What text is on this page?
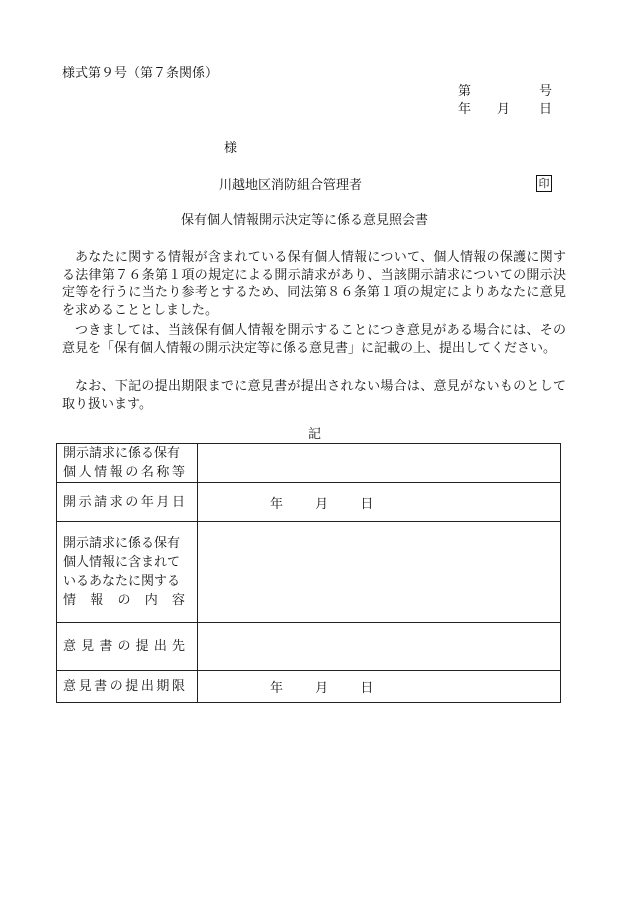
様式第９号（第７条関係）
第	号
年 月 日
様
川越地区消防組合管理者	印
保有個人情報開示決定等に係る意見照会書

あなたに関する情報が含まれている保有個人情報について、個人情報の保護に関する法律第７６条第１項の規定による開示請求があり、当該開示請求についての開示決定等を行うに当たり参考とするため、同法第８６条第１項の規定によりあなたに意見を求めることとしました。

つきましては、当該保有個人情報を開示することにつき意見がある場合には、その意見を「保有個人情報の開示決定等に係る意見書」に記載の上、提出してください。

なお、下記の提出期限までに意見書が提出されない場合は、意見がないものとして取り扱います。

記
開示請求に係る保有
個人情報の名称等	

開示請求の年月日	年 月 日

開示請求に係る保有
個人情報に含まれて
いるあなたに関する
情報の内容	

意見書の提出先	

意見書の提出期限	年 月 日
